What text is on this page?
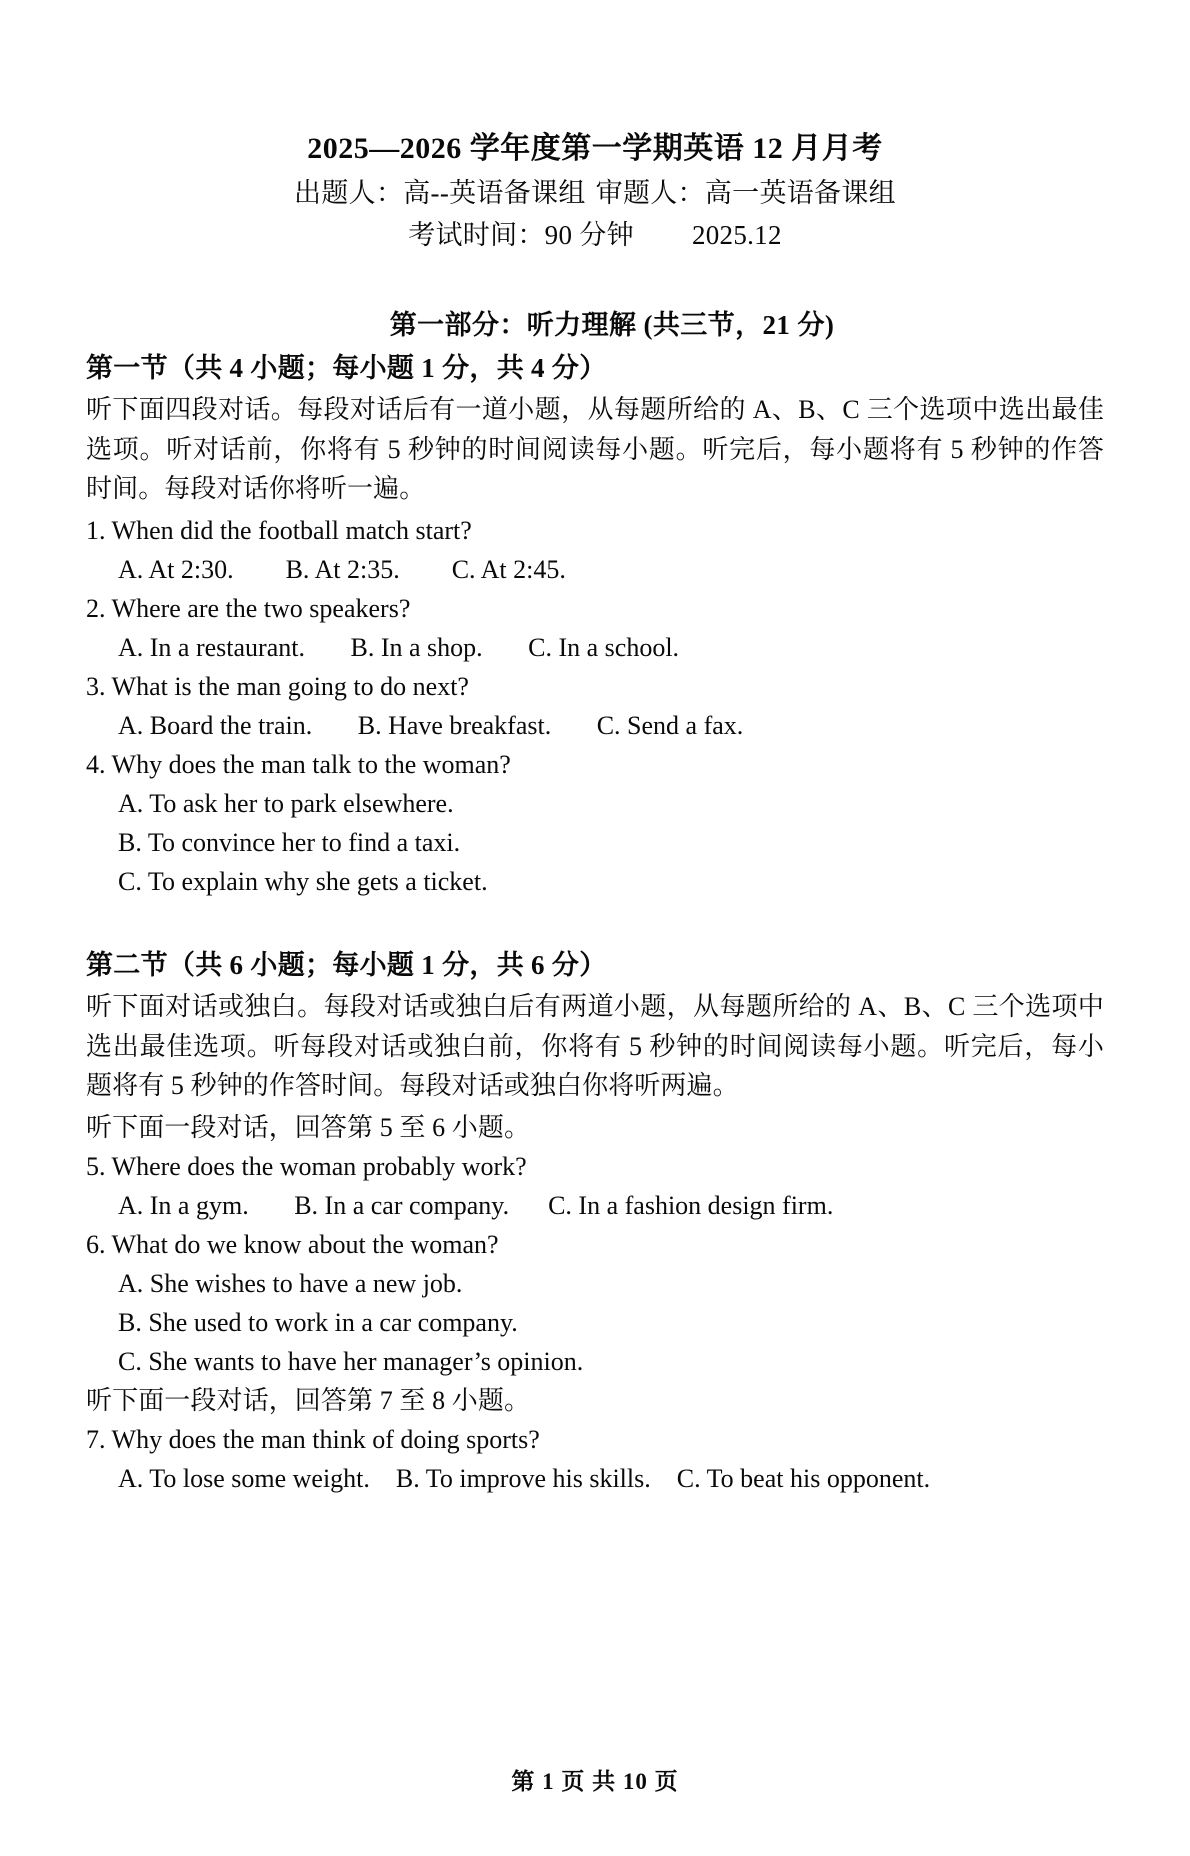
2025—2026 学年度第一学期英语 12 月月考
出题人：高--英语备课组 审题人：高一英语备课组
考试时间：90 分钟 2025.12
第一部分：听力理解 (共三节，21 分)
第一节（共 4 小题；每小题 1 分，共 4 分）

听下面四段对话。每段对话后有一道小题，从每题所给的 A、B、C 三个选项中选出最佳选项。听对话前，你将有 5 秒钟的时间阅读每小题。听完后，每小题将有 5 秒钟的作答时间。每段对话你将听一遍。

1. When did the football match start?
A. At 2:30.        B. At 2:35.        C. At 2:45.
2. Where are the two speakers?
A. In a restaurant.       B. In a shop.       C. In a school.
3. What is the man going to do next?
A. Board the train.       B. Have breakfast.       C. Send a fax.
4. Why does the man talk to the woman?
A. To ask her to park elsewhere.
B. To convince her to find a taxi.
C. To explain why she gets a ticket.
第二节（共 6 小题；每小题 1 分，共 6 分）

听下面对话或独白。每段对话或独白后有两道小题，从每题所给的 A、B、C 三个选项中选出最佳选项。听每段对话或独白前，你将有 5 秒钟的时间阅读每小题。听完后，每小题将有 5 秒钟的作答时间。每段对话或独白你将听两遍。

听下面一段对话，回答第 5 至 6 小题。
5. Where does the woman probably work?
A. In a gym.       B. In a car company.      C. In a fashion design firm.
6. What do we know about the woman?
A. She wishes to have a new job.
B. She used to work in a car company.
C. She wants to have her manager’s opinion.
听下面一段对话，回答第 7 至 8 小题。
7. Why does the man think of doing sports?
A. To lose some weight.    B. To improve his skills.    C. To beat his opponent.
第 1 页 共 10 页
